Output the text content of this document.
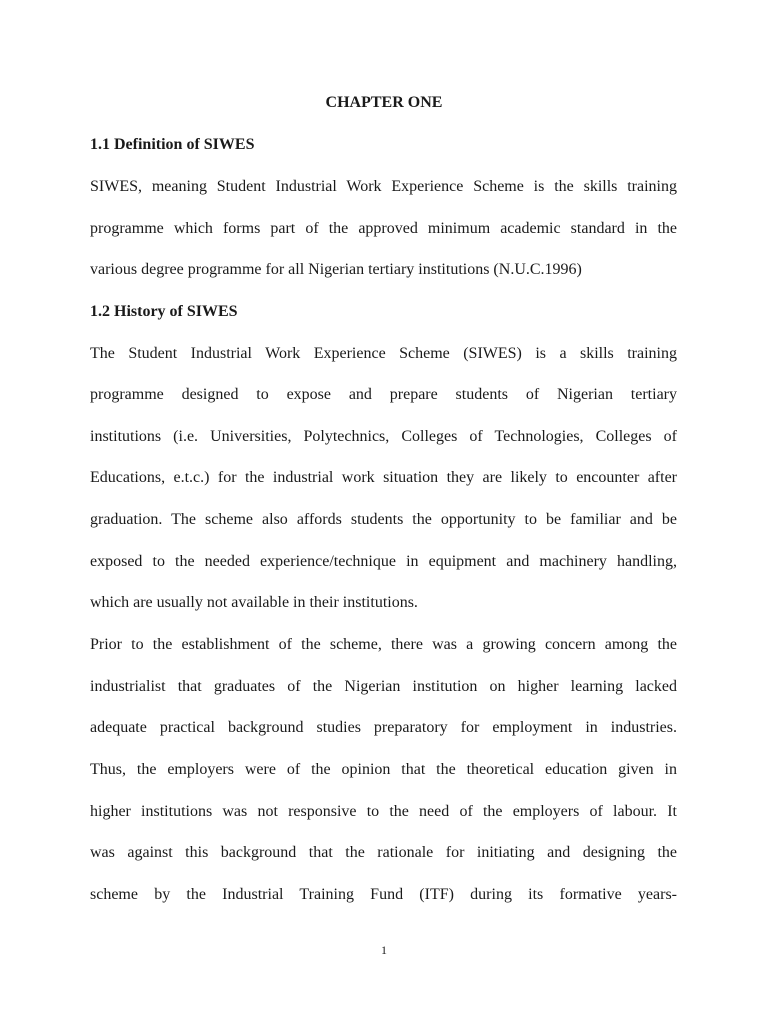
CHAPTER ONE
1.1 Definition of SIWES

SIWES, meaning Student Industrial Work Experience Scheme is the skills training

programme which forms part of the approved minimum academic standard in the

various degree programme for all Nigerian tertiary institutions (N.U.C.1996)

1.2 History of SIWES

The Student Industrial Work Experience Scheme (SIWES) is a skills training

programme designed to expose and prepare students of Nigerian tertiary

institutions (i.e. Universities, Polytechnics, Colleges of Technologies, Colleges of

Educations, e.t.c.) for the industrial work situation they are likely to encounter after

graduation. The scheme also affords students the opportunity to be familiar and be

exposed to the needed experience/technique in equipment and machinery handling,

which are usually not available in their institutions.

Prior to the establishment of the scheme, there was a growing concern among the

industrialist that graduates of the Nigerian institution on higher learning lacked

adequate practical background studies preparatory for employment in industries.

Thus, the employers were of the opinion that the theoretical education given in

higher institutions was not responsive to the need of the employers of labour. It

was against this background that the rationale for initiating and designing the

scheme by the Industrial Training Fund (ITF) during its formative years-

1
